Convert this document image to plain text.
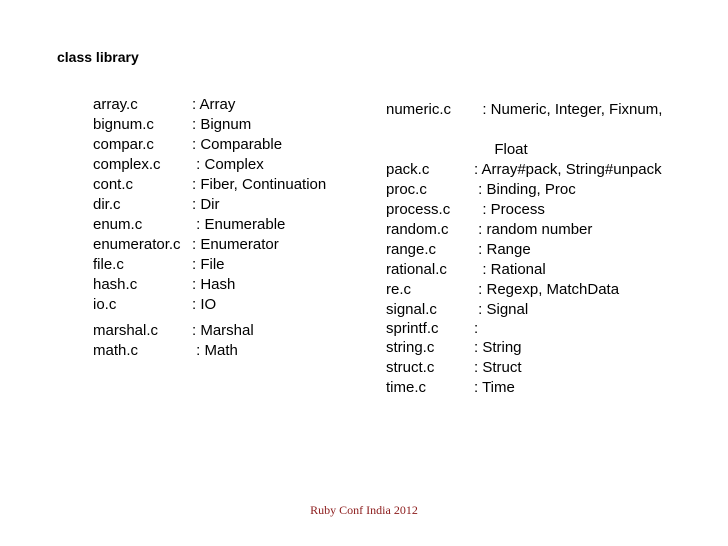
class library
array.c	: Array
bignum.c	: Bignum
compar.c	: Comparable
complex.c : Complex
cont.c	: Fiber, Continuation
dir.c	: Dir
enum.c	: Enumerable
enumerator.c : Enumerator
file.c	: File
hash.c	: Hash
io.c	: IO
marshal.c : Marshal
math.c	: Math
numeric.c : Numeric, Integer, Fixnum,
Float
pack.c	: Array#pack, String#unpack
proc.c	: Binding, Proc
process.c : Process
random.c : random number
range.c	: Range
rational.c : Rational
re.c	: Regexp, MatchData
signal.c : Signal
sprintf.c :
string.c	: String
struct.c	: Struct
time.c	: Time
Ruby Conf India 2012
